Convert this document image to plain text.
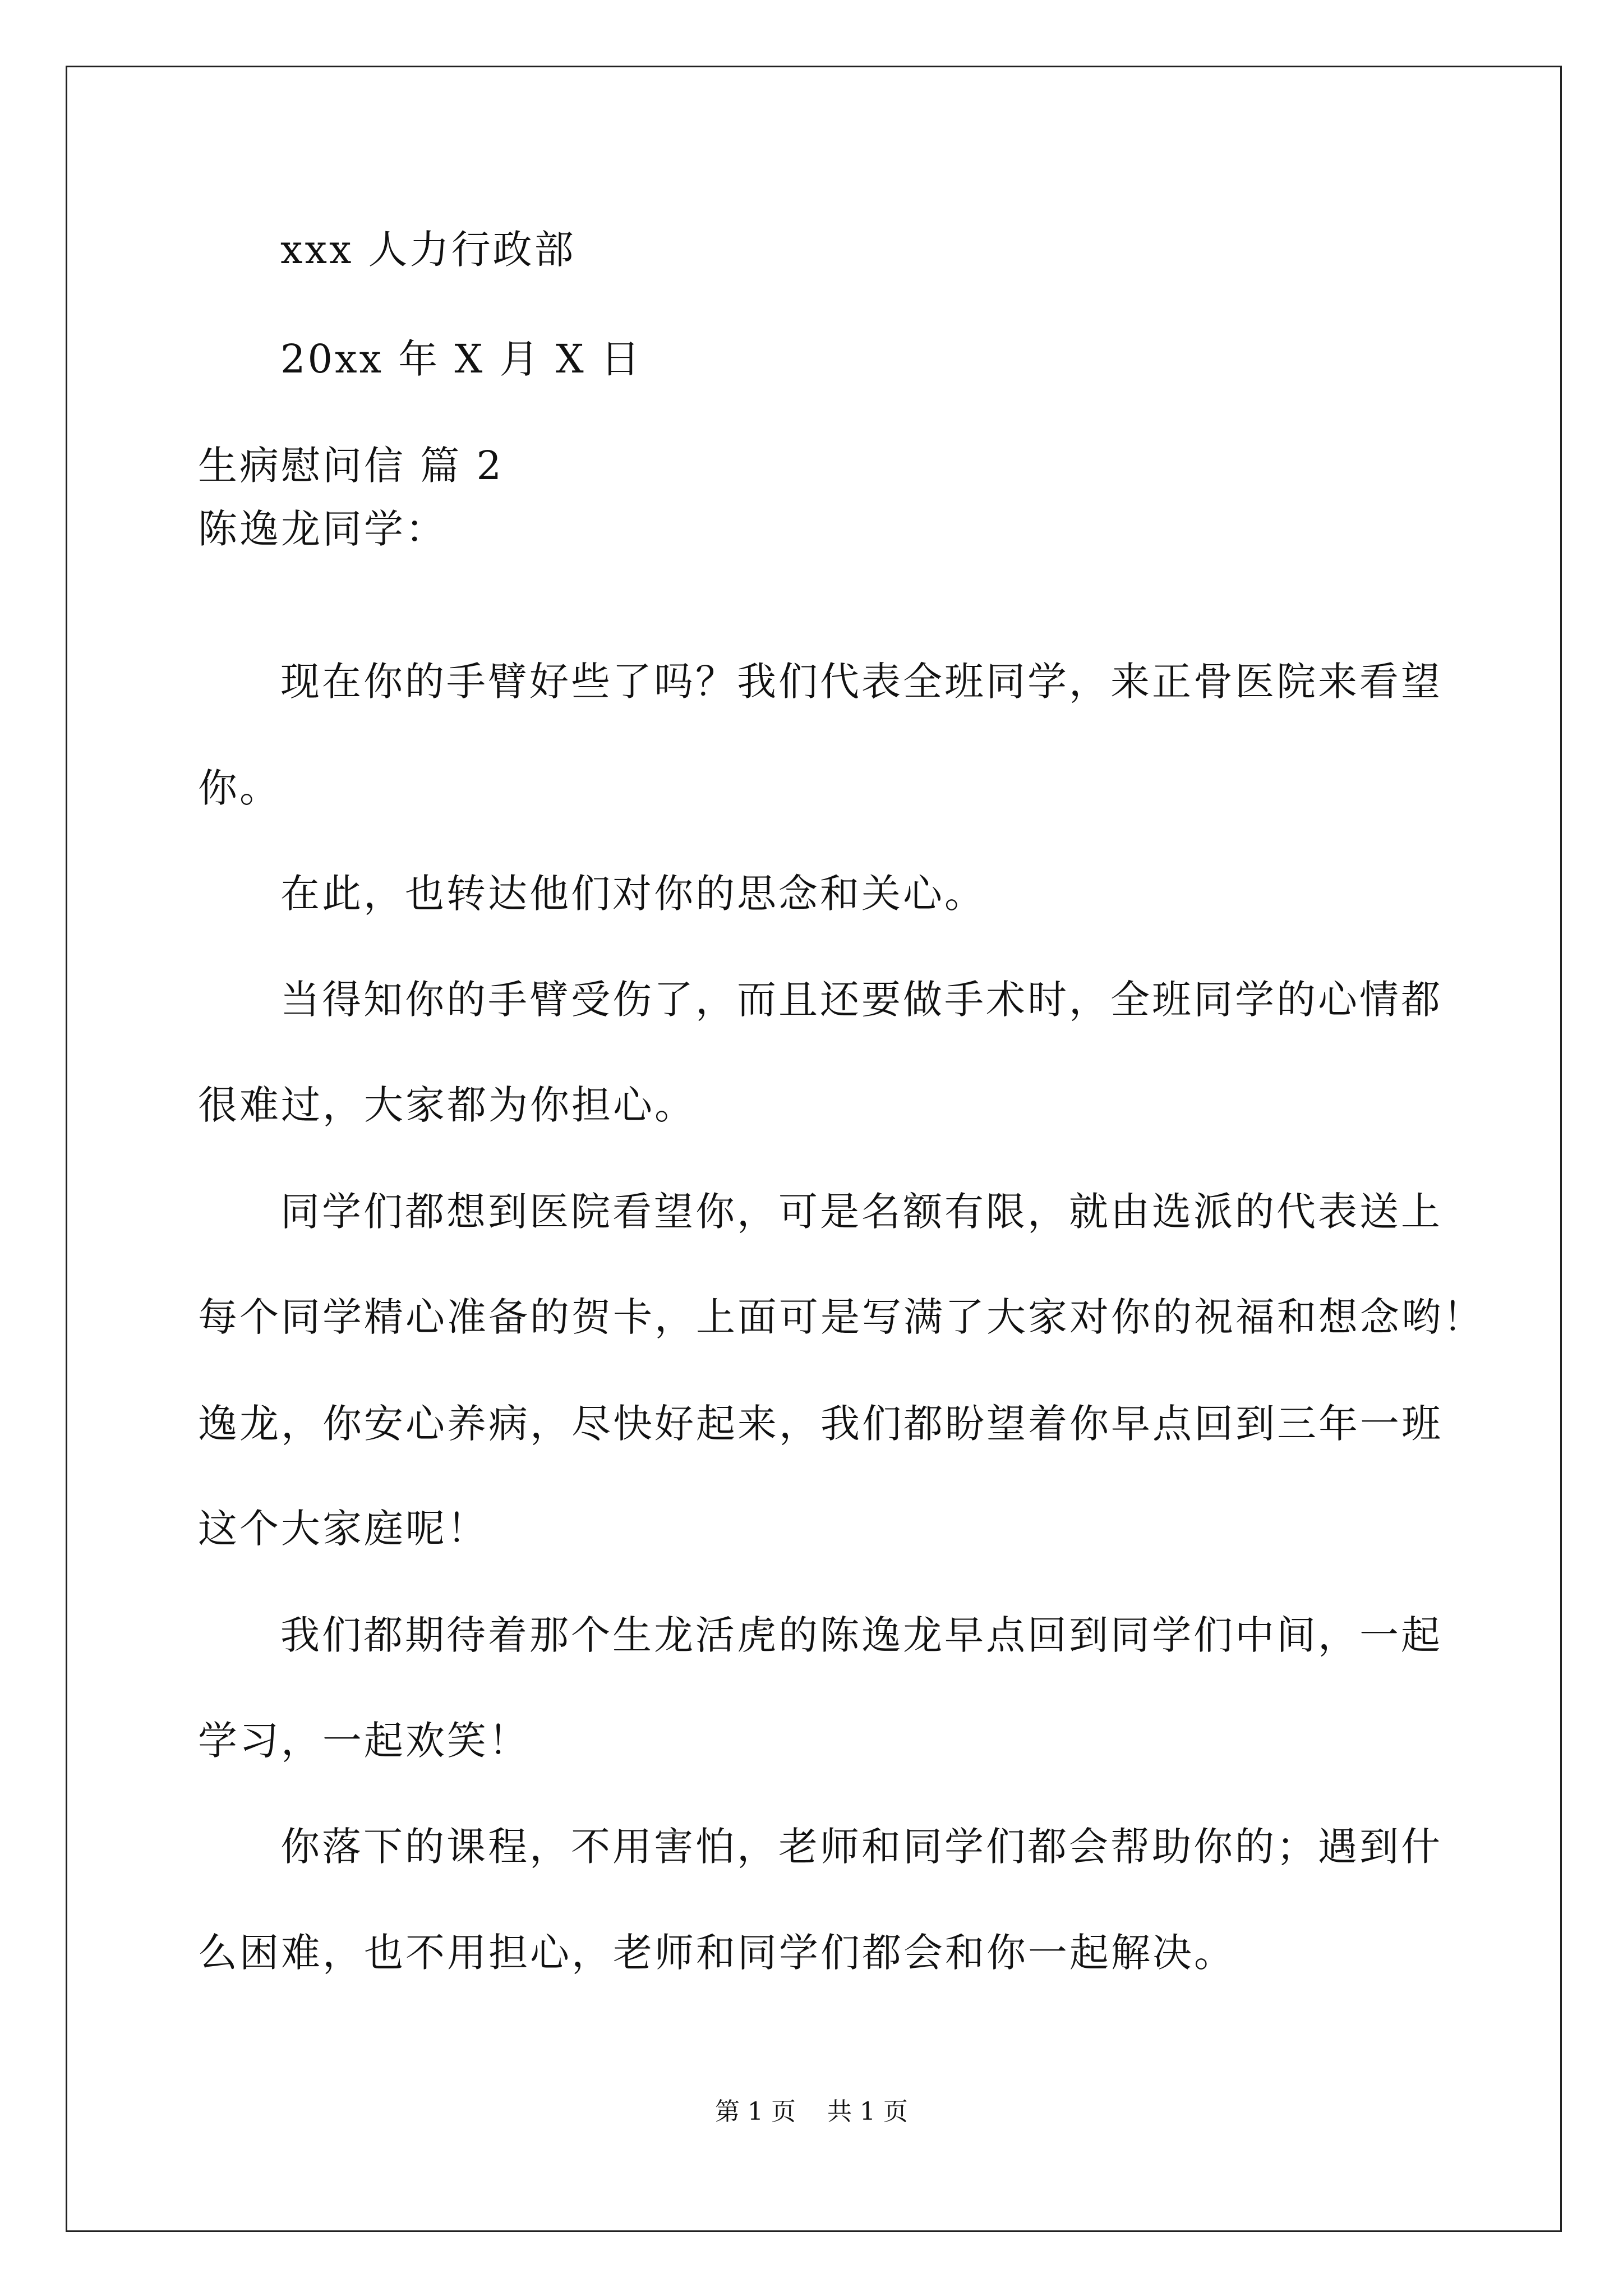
xxx 人力行政部
20xx 年 X 月 X 日
生病慰问信 篇 2
陈逸龙同学：
现在你的手臂好些了吗？我们代表全班同学，来正骨医院来看望
你。
在此，也转达他们对你的思念和关心。
当得知你的手臂受伤了，而且还要做手术时，全班同学的心情都
很难过，大家都为你担心。
同学们都想到医院看望你，可是名额有限，就由选派的代表送上
每个同学精心准备的贺卡，上面可是写满了大家对你的祝福和想念哟！
逸龙，你安心养病，尽快好起来，我们都盼望着你早点回到三年一班
这个大家庭呢！
我们都期待着那个生龙活虎的陈逸龙早点回到同学们中间，一起
学习，一起欢笑！
你落下的课程，不用害怕，老师和同学们都会帮助你的；遇到什
么困难，也不用担心，老师和同学们都会和你一起解决。
第 1 页    共 1 页
